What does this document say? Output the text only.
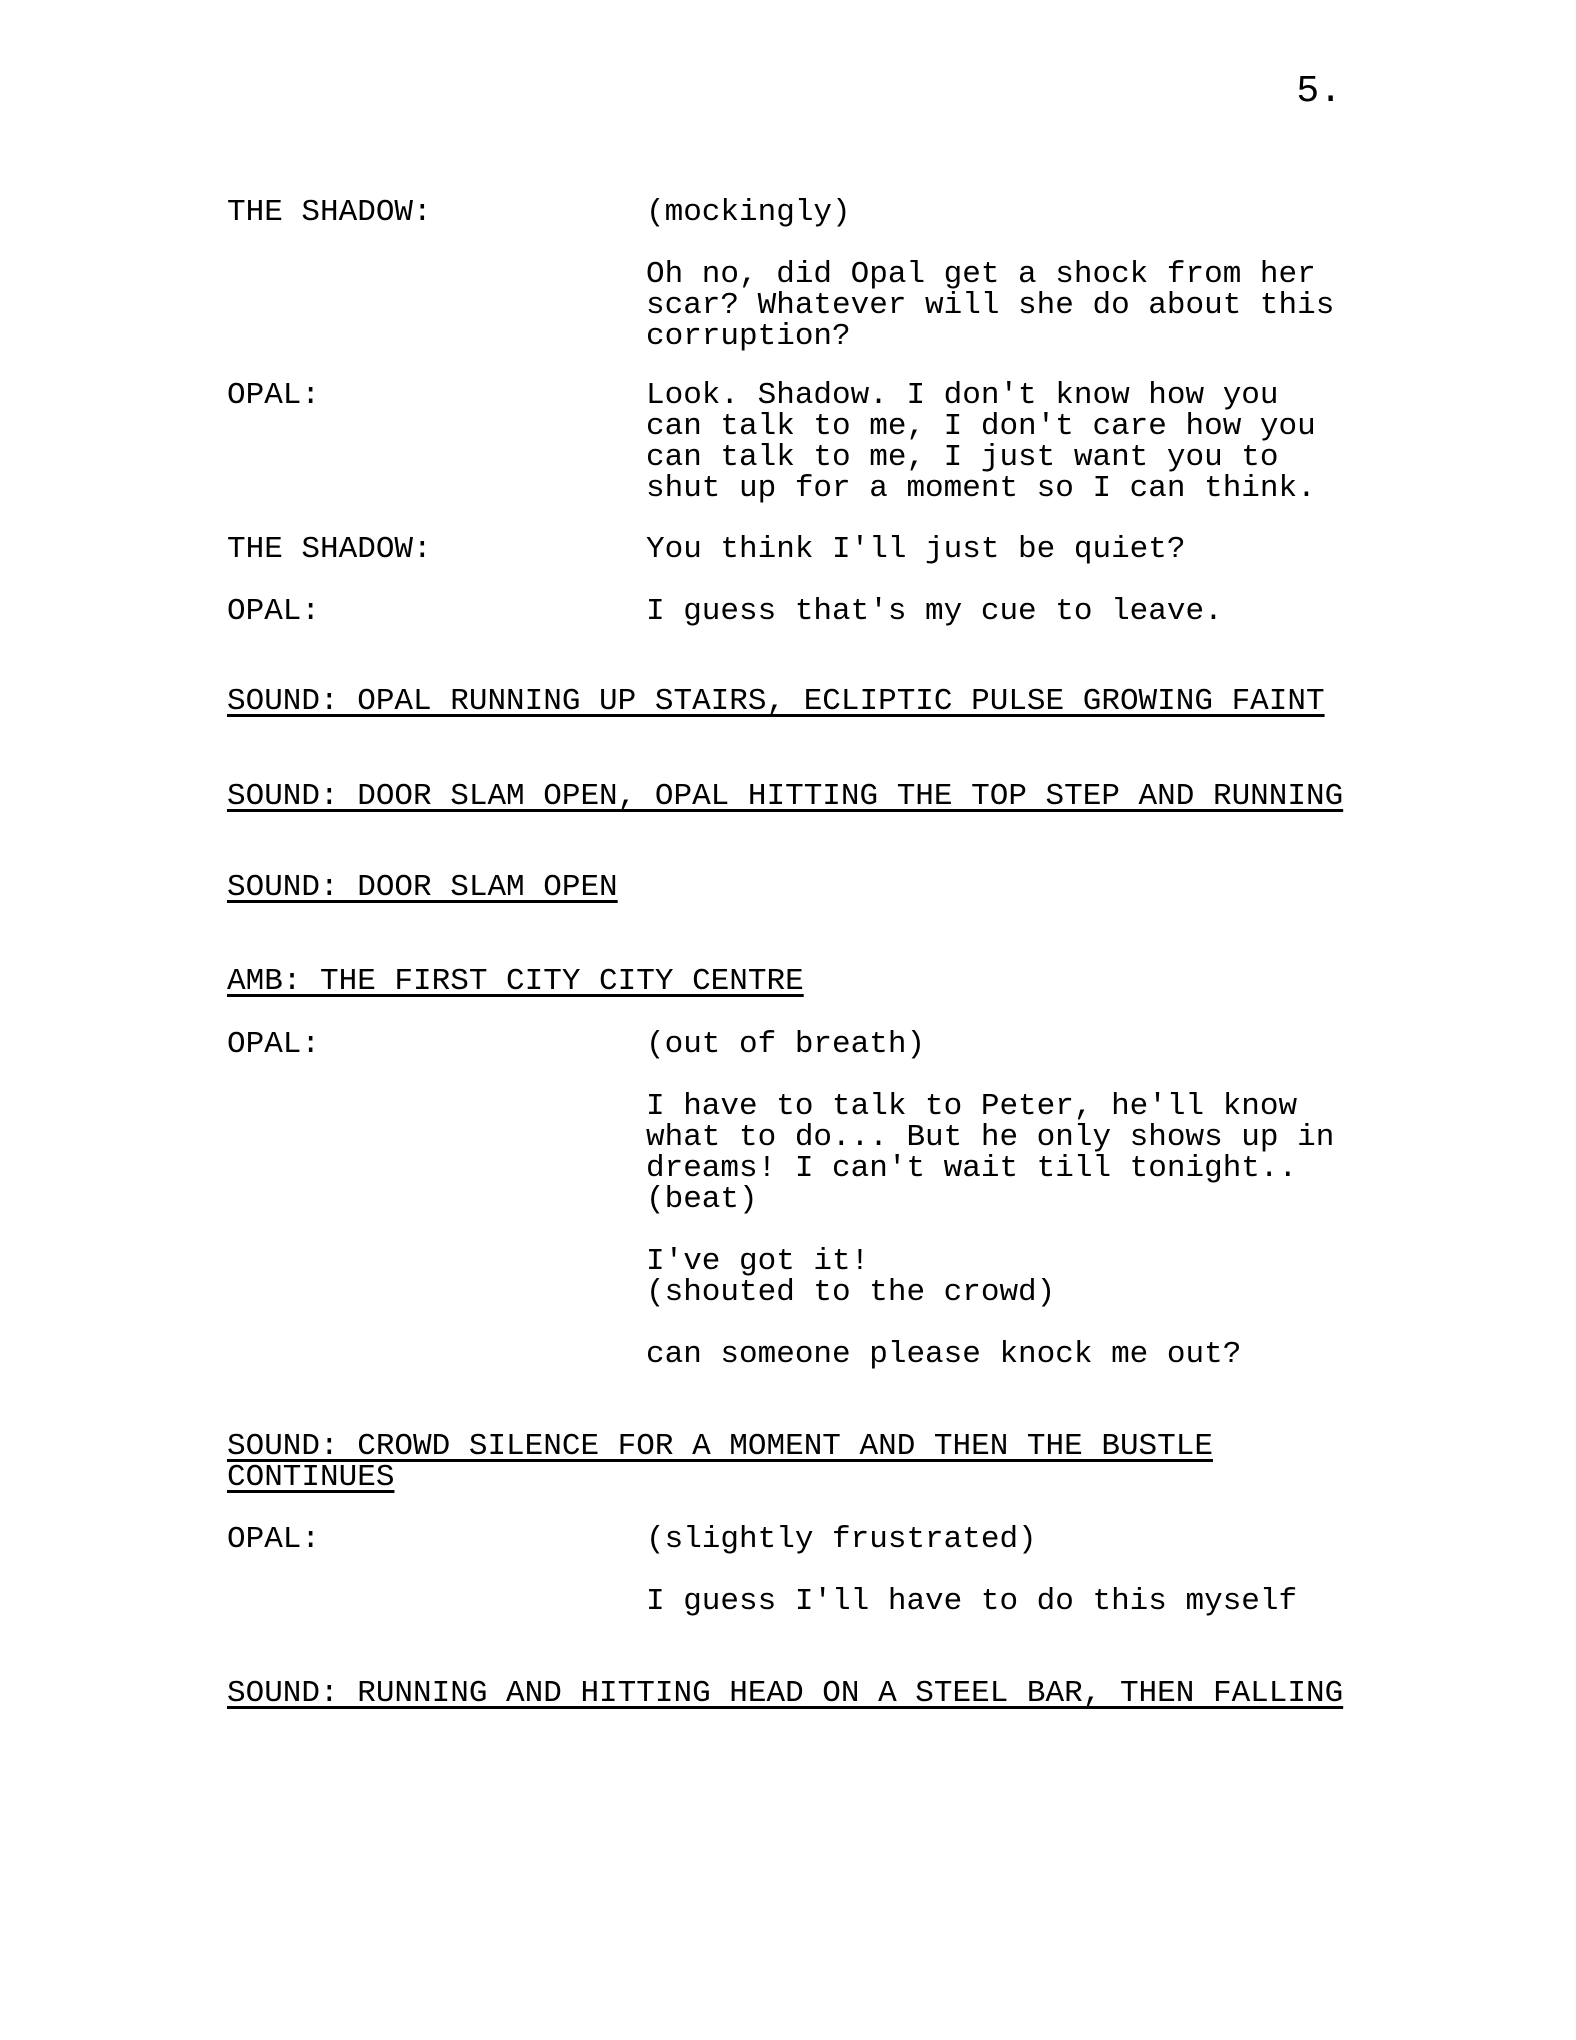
5.
THE SHADOW:	(mockingly)
Oh no, did Opal get a shock from her
scar? Whatever will she do about this
corruption?
OPAL:	Look. Shadow. I don't know how you
can talk to me, I don't care how you
can talk to me, I just want you to
shut up for a moment so I can think.
THE SHADOW:	You think I'll just be quiet?
OPAL:	I guess that's my cue to leave.
SOUND: OPAL RUNNING UP STAIRS, ECLIPTIC PULSE GROWING FAINT
SOUND: DOOR SLAM OPEN, OPAL HITTING THE TOP STEP AND RUNNING
SOUND: DOOR SLAM OPEN
AMB: THE FIRST CITY CITY CENTRE
OPAL:	(out of breath)
I have to talk to Peter, he'll know
what to do... But he only shows up in
dreams! I can't wait till tonight..
(beat)
I've got it!
(shouted to the crowd)
can someone please knock me out?
SOUND: CROWD SILENCE FOR A MOMENT AND THEN THE BUSTLE
CONTINUES
OPAL:	(slightly frustrated)
I guess I'll have to do this myself
SOUND: RUNNING AND HITTING HEAD ON A STEEL BAR, THEN FALLING
